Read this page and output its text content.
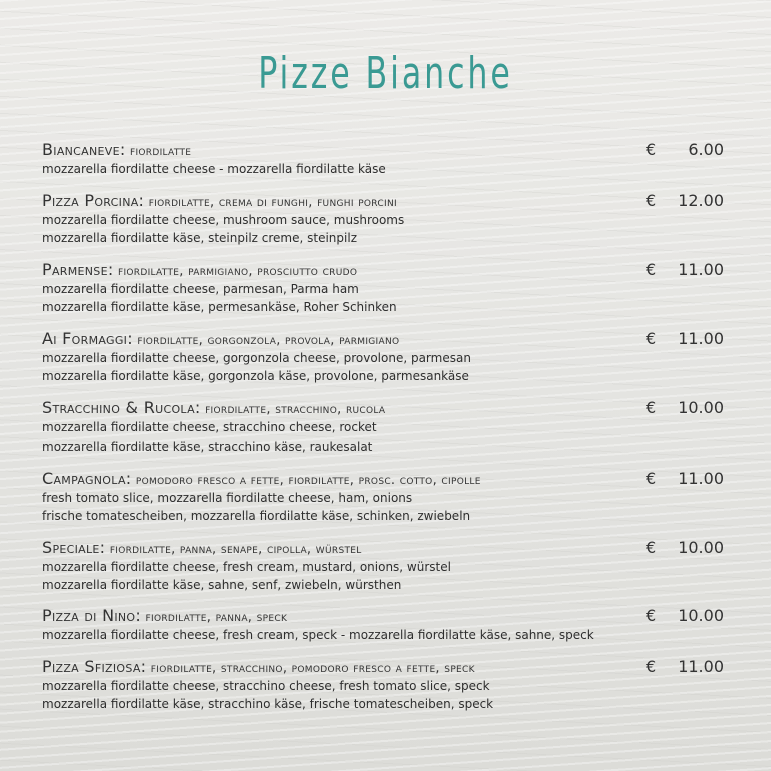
Pizze Bianche
Biancaneve: fiordilatte	€ 6.00
mozzarella fiordilatte cheese - mozzarella fiordilatte käse
Pizza Porcina: fiordilatte, crema di funghi, funghi porcini	€ 12.00
mozzarella fiordilatte cheese, mushroom sauce, mushrooms
mozzarella fiordilatte käse, steinpilz creme, steinpilz
Parmense: fiordilatte, parmigiano, prosciutto crudo	€ 11.00
mozzarella fiordilatte cheese, parmesan, Parma ham
mozzarella fiordilatte käse, permesankäse, Roher Schinken
Ai Formaggi: fiordilatte, gorgonzola, provola, parmigiano	€ 11.00
mozzarella fiordilatte cheese, gorgonzola cheese, provolone, parmesan
mozzarella fiordilatte käse, gorgonzola käse, provolone, parmesankäse
Stracchino & Rucola: fiordilatte, stracchino, rucola	€ 10.00
mozzarella fiordilatte cheese, stracchino cheese, rocket
mozzarella fiordilatte käse, stracchino käse, raukesalat
Campagnola: pomodoro fresco a fette, fiordilatte, prosc. cotto, cipolle	€ 11.00
fresh tomato slice, mozzarella fiordilatte cheese, ham, onions
frische tomatescheiben, mozzarella fiordilatte käse, schinken, zwiebeln
Speciale: fiordilatte, panna, senape, cipolla, würstel	€ 10.00
mozzarella fiordilatte cheese, fresh cream, mustard, onions, würstel
mozzarella fiordilatte käse, sahne, senf, zwiebeln, würsthen
Pizza di Nino: fiordilatte, panna, speck	€ 10.00
mozzarella fiordilatte cheese, fresh cream, speck - mozzarella fiordilatte käse, sahne, speck
Pizza Sfiziosa: fiordilatte, stracchino, pomodoro fresco a fette, speck	€ 11.00
mozzarella fiordilatte cheese, stracchino cheese, fresh tomato slice, speck
mozzarella fiordilatte käse, stracchino käse, frische tomatescheiben, speck
